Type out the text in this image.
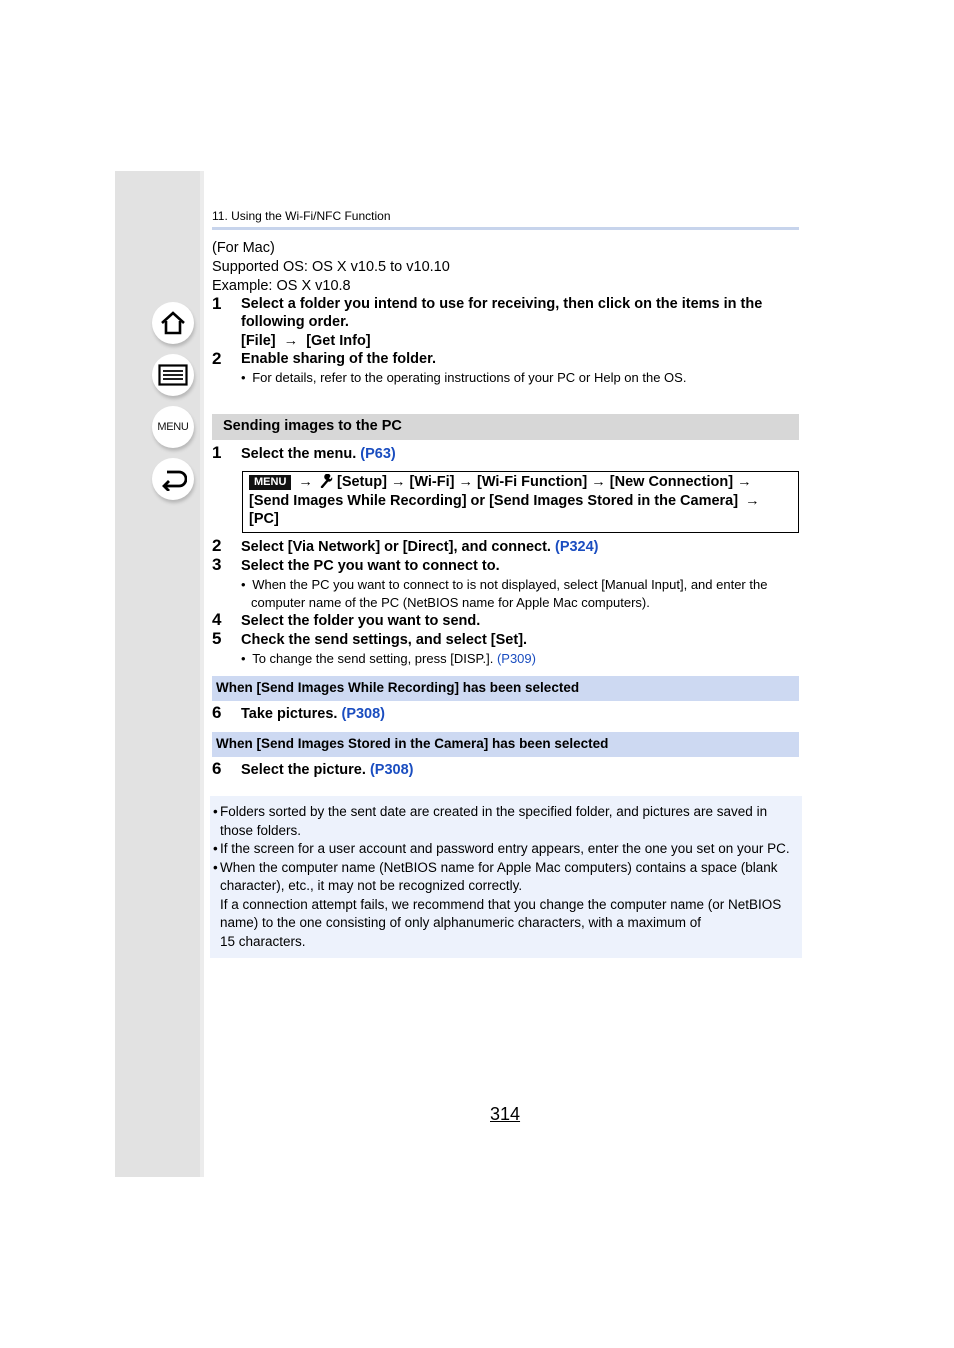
MENU
11. Using the Wi-Fi/NFC Function
(For Mac)
Supported OS: OS X v10.5 to v10.10
Example: OS X v10.8
1 Select a folder you intend to use for receiving, then click on the items in the
following order.
[File] → [Get Info]
2 Enable sharing of the folder.
• For details, refer to the operating instructions of your PC or Help on the OS.
Sending images to the PC
1 Select the menu. (P63)
MENU → [Setup] → [Wi-Fi] → [Wi-Fi Function] → [New Connection] →
[Send Images While Recording] or [Send Images Stored in the Camera] →
[PC]
2 Select [Via Network] or [Direct], and connect. (P324)
3 Select the PC you want to connect to.
• When the PC you want to connect to is not displayed, select [Manual Input], and enter the
computer name of the PC (NetBIOS name for Apple Mac computers).
4 Select the folder you want to send.
5 Check the send settings, and select [Set].
• To change the send setting, press [DISP.]. (P309)
When [Send Images While Recording] has been selected
6 Take pictures. (P308)
When [Send Images Stored in the Camera] has been selected
6 Select the picture. (P308)
• Folders sorted by the sent date are created in the specified folder, and pictures are saved in
those folders.
• If the screen for a user account and password entry appears, enter the one you set on your PC.
• When the computer name (NetBIOS name for Apple Mac computers) contains a space (blank
character), etc., it may not be recognized correctly.
If a connection attempt fails, we recommend that you change the computer name (or NetBIOS
name) to the one consisting of only alphanumeric characters, with a maximum of
15 characters.
314
